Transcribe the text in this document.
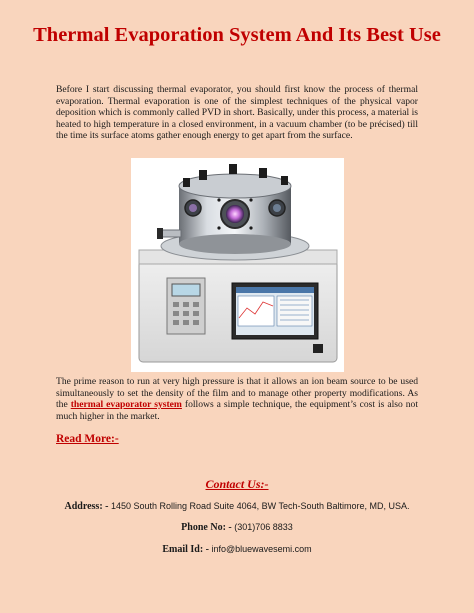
Thermal Evaporation System And Its Best Use
Before I start discussing thermal evaporator, you should first know the process of thermal evaporation. Thermal evaporation is one of the simplest techniques of the physical vapor deposition which is commonly called PVD in short. Basically, under this process, a material is heated to high temperature in a closed environment, in a vacuum chamber (to be précised) till the time its surface atoms gather enough energy to get apart from the surface.
The prime reason to run at very high pressure is that it allows an ion beam source to be used simultaneously to set the density of the film and to manage other property modifications. As the thermal evaporator system follows a simple technique, the equipment’s cost is also not much higher in the market.
Read More:-
Contact Us:-
Address: - 1450 South Rolling Road Suite 4064, BW Tech-South Baltimore, MD, USA.
Phone No: - (301)706 8833
Email Id: - info@bluewavesemi.com
